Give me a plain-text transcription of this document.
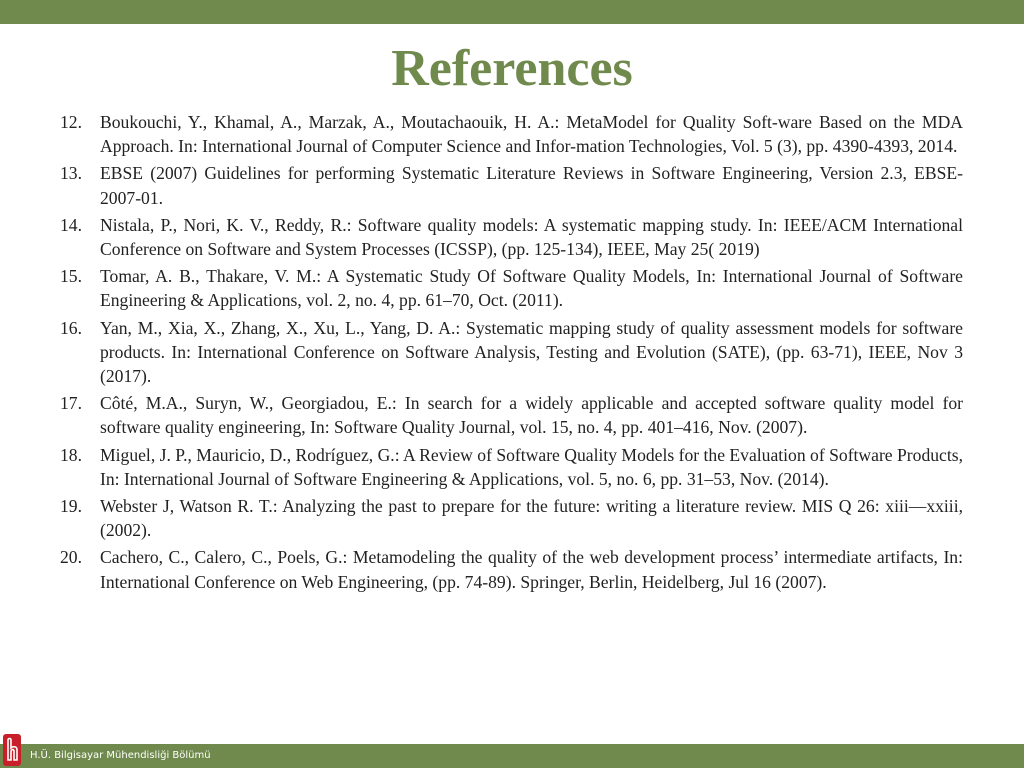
References
12.	Boukouchi, Y., Khamal, A., Marzak, A., Moutachaouik, H. A.: MetaModel for Quality Soft-ware Based on the MDA Approach. In: International Journal of Computer Science and Infor-mation Technologies, Vol. 5 (3), pp. 4390-4393, 2014.
13.	EBSE (2007) Guidelines for performing Systematic Literature Reviews in Software Engineering, Version 2.3, EBSE-2007-01.
14.	Nistala, P., Nori, K. V., Reddy, R.: Software quality models: A systematic mapping study. In: IEEE/ACM International Conference on Software and System Processes (ICSSP), (pp. 125-134), IEEE, May 25( 2019)
15.	Tomar, A. B., Thakare, V. M.: A Systematic Study Of Software Quality Models, In: International Journal of Software Engineering & Applications, vol. 2, no. 4, pp. 61–70, Oct. (2011).
16.	Yan, M., Xia, X., Zhang, X., Xu, L., Yang, D. A.: Systematic mapping study of quality assessment models for software products. In: International Conference on Software Analysis, Testing and Evolution (SATE), (pp. 63-71), IEEE, Nov 3 (2017).
17.	Côté, M.A., Suryn, W., Georgiadou, E.: In search for a widely applicable and accepted software quality model for software quality engineering, In: Software Quality Journal, vol. 15, no. 4, pp. 401–416, Nov. (2007).
18.	Miguel, J. P., Mauricio, D., Rodríguez, G.: A Review of Software Quality Models for the Evaluation of Software Products, In: International Journal of Software Engineering & Applications, vol. 5, no. 6, pp. 31–53, Nov. (2014).
19.	Webster J, Watson R. T.: Analyzing the past to prepare for the future: writing a literature review. MIS Q 26: xiii—xxiii, (2002).
20.	Cachero, C., Calero, C., Poels, G.: Metamodeling the quality of the web development process’ intermediate artifacts, In: International Conference on Web Engineering, (pp. 74-89). Springer, Berlin, Heidelberg, Jul 16 (2007).
H.Ü. Bilgisayar Mühendisliği Bölümü
